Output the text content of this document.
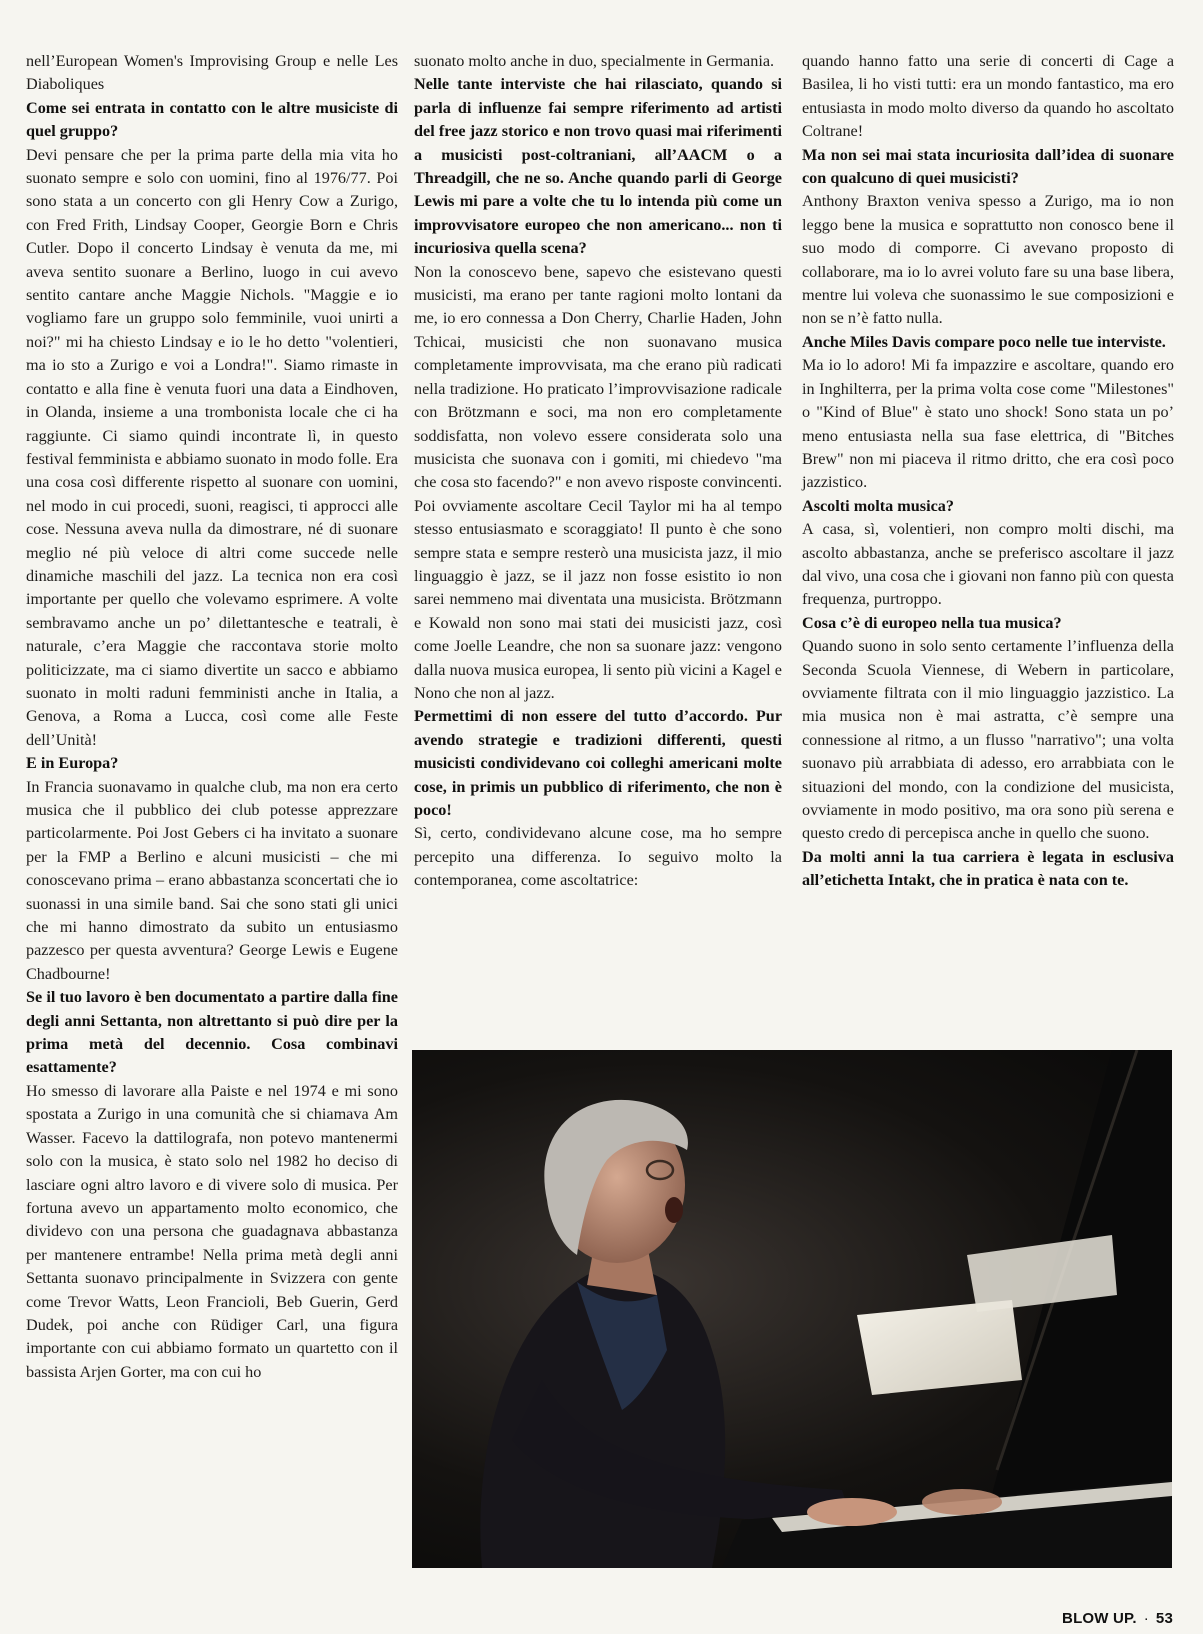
nell’European Women's Improvising Group e nelle Les Diaboliques

Come sei entrata in contatto con le altre musiciste di quel gruppo?

Devi pensare che per la prima parte della mia vita ho suonato sempre e solo con uomini, fino al 1976/77. Poi sono stata a un concerto con gli Henry Cow a Zurigo, con Fred Frith, Lindsay Cooper, Georgie Born e Chris Cutler. Dopo il concerto Lindsay è venuta da me, mi aveva sentito suonare a Berlino, luogo in cui avevo sentito cantare anche Maggie Nichols. "Maggie e io vogliamo fare un gruppo solo femminile, vuoi unirti a noi?" mi ha chiesto Lindsay e io le ho detto "volentieri, ma io sto a Zurigo e voi a Londra!". Siamo rimaste in contatto e alla fine è venuta fuori una data a Eindhoven, in Olanda, insieme a una trombonista locale che ci ha raggiunte. Ci siamo quindi incontrate lì, in questo festival femminista e abbiamo suonato in modo folle. Era una cosa così differente rispetto al suonare con uomini, nel modo in cui procedi, suoni, reagisci, ti approcci alle cose. Nessuna aveva nulla da dimostrare, né di suonare meglio né più veloce di altri come succede nelle dinamiche maschili del jazz. La tecnica non era così importante per quello che volevamo esprimere. A volte sembravamo anche un po’ dilettantesche e teatrali, è naturale, c’era Maggie che raccontava storie molto politicizzate, ma ci siamo divertite un sacco e abbiamo suonato in molti raduni femministi anche in Italia, a Genova, a Roma a Lucca, così come alle Feste dell’Unità!

E in Europa?

In Francia suonavamo in qualche club, ma non era certo musica che il pubblico dei club potesse apprezzare particolarmente. Poi Jost Gebers ci ha invitato a suonare per la FMP a Berlino e alcuni musicisti – che mi conoscevano prima – erano abbastanza sconcertati che io suonassi in una simile band. Sai che sono stati gli unici che mi hanno dimostrato da subito un entusiasmo pazzesco per questa avventura? George Lewis e Eugene Chadbourne!

Se il tuo lavoro è ben documentato a partire dalla fine degli anni Settanta, non altrettanto si può dire per la prima metà del decennio. Cosa combinavi esattamente?

Ho smesso di lavorare alla Paiste e nel 1974 e mi sono spostata a Zurigo in una comunità che si chiamava Am Wasser. Facevo la dattilografa, non potevo mantenermi solo con la musica, è stato solo nel 1982 ho deciso di lasciare ogni altro lavoro e di vivere solo di musica. Per fortuna avevo un appartamento molto economico, che dividevo con una persona che guadagnava abbastanza per mantenere entrambe! Nella prima metà degli anni Settanta suonavo principalmente in Svizzera con gente come Trevor Watts, Leon Francioli, Beb Guerin, Gerd Dudek, poi anche con Rüdiger Carl, una figura importante con cui abbiamo formato un quartetto con il bassista Arjen Gorter, ma con cui ho

suonato molto anche in duo, specialmente in Germania.

Nelle tante interviste che hai rilasciato, quando si parla di influenze fai sempre riferimento ad artisti del free jazz storico e non trovo quasi mai riferimenti a musicisti post-coltraniani, all’AACM o a Threadgill, che ne so. Anche quando parli di George Lewis mi pare a volte che tu lo intenda più come un improvvisatore europeo che non americano... non ti incuriosiva quella scena?

Non la conoscevo bene, sapevo che esistevano questi musicisti, ma erano per tante ragioni molto lontani da me, io ero connessa a Don Cherry, Charlie Haden, John Tchicai, musicisti che non suonavano musica completamente improvvisata, ma che erano più radicati nella tradizione. Ho praticato l’improvvisazione radicale con Brötzmann e soci, ma non ero completamente soddisfatta, non volevo essere considerata solo una musicista che suonava con i gomiti, mi chiedevo "ma che cosa sto facendo?" e non avevo risposte convincenti. Poi ovviamente ascoltare Cecil Taylor mi ha al tempo stesso entusiasmato e scoraggiato! Il punto è che sono sempre stata e sempre resterò una musicista jazz, il mio linguaggio è jazz, se il jazz non fosse esistito io non sarei nemmeno mai diventata una musicista. Brötzmann e Kowald non sono mai stati dei musicisti jazz, così come Joelle Leandre, che non sa suonare jazz: vengono dalla nuova musica europea, li sento più vicini a Kagel e Nono che non al jazz.

Permettimi di non essere del tutto d’accordo. Pur avendo strategie e tradizioni differenti, questi musicisti condividevano coi colleghi americani molte cose, in primis un pubblico di riferimento, che non è poco!

Sì, certo, condividevano alcune cose, ma ho sempre percepito una differenza. Io seguivo molto la contemporanea, come ascoltatrice:

quando hanno fatto una serie di concerti di Cage a Basilea, li ho visti tutti: era un mondo fantastico, ma ero entusiasta in modo molto diverso da quando ho ascoltato Coltrane!

Ma non sei mai stata incuriosita dall’idea di suonare con qualcuno di quei musicisti?

Anthony Braxton veniva spesso a Zurigo, ma io non leggo bene la musica e soprattutto non conosco bene il suo modo di comporre. Ci avevano proposto di collaborare, ma io lo avrei voluto fare su una base libera, mentre lui voleva che suonassimo le sue composizioni e non se n’è fatto nulla.

Anche Miles Davis compare poco nelle tue interviste.

Ma io lo adoro! Mi fa impazzire e ascoltare, quando ero in Inghilterra, per la prima volta cose come "Milestones" o "Kind of Blue" è stato uno shock! Sono stata un po’ meno entusiasta nella sua fase elettrica, di "Bitches Brew" non mi piaceva il ritmo dritto, che era così poco jazzistico.

Ascolti molta musica?

A casa, sì, volentieri, non compro molti dischi, ma ascolto abbastanza, anche se preferisco ascoltare il jazz dal vivo, una cosa che i giovani non fanno più con questa frequenza, purtroppo.

Cosa c’è di europeo nella tua musica?

Quando suono in solo sento certamente l’influenza della Seconda Scuola Viennese, di Webern in particolare, ovviamente filtrata con il mio linguaggio jazzistico. La mia musica non è mai astratta, c’è sempre una connessione al ritmo, a un flusso "narrativo"; una volta suonavo più arrabbiata di adesso, ero arrabbiata con le situazioni del mondo, con la condizione del musicista, ovviamente in modo positivo, ma ora sono più serena e questo credo di percepisca anche in quello che suono.

Da molti anni la tua carriera è legata in esclusiva all’etichetta Intakt, che in pratica è nata con te.

BLOW UP. · 53
